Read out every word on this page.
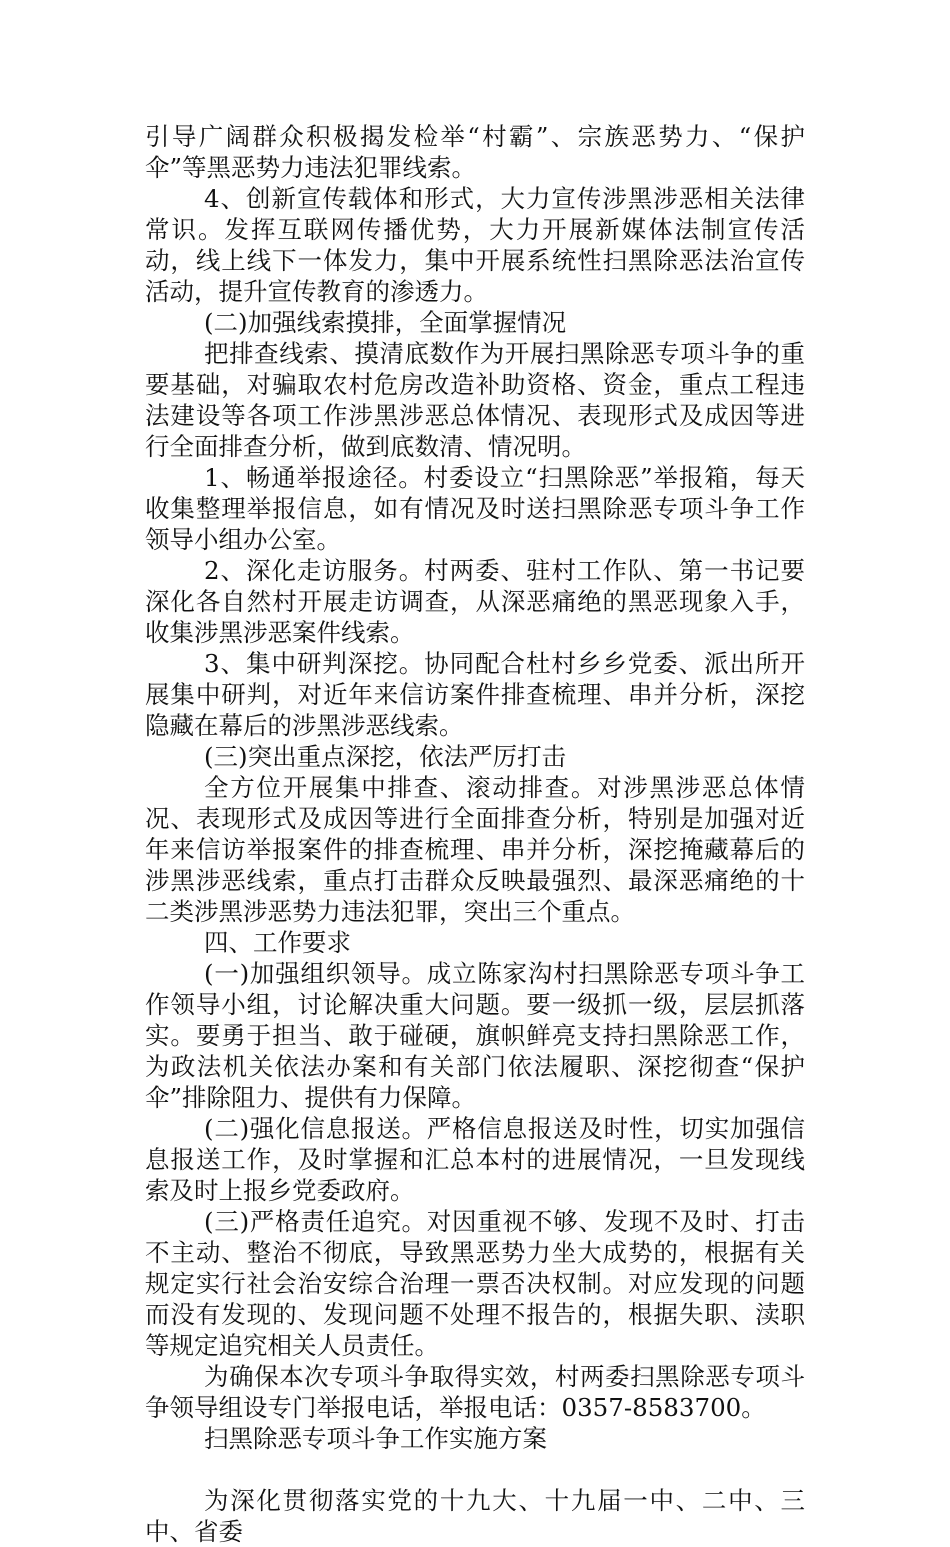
引导广阔群众积极揭发检举“村霸”、宗族恶势力、“保护伞”等黑恶势力违法犯罪线索。

4、创新宣传载体和形式，大力宣传涉黑涉恶相关法律常识。发挥互联网传播优势，大力开展新媒体法制宣传活动，线上线下一体发力，集中开展系统性扫黑除恶法治宣传活动，提升宣传教育的渗透力。

(二)加强线索摸排，全面掌握情况

把排查线索、摸清底数作为开展扫黑除恶专项斗争的重要基础，对骗取农村危房改造补助资格、资金，重点工程违法建设等各项工作涉黑涉恶总体情况、表现形式及成因等进行全面排查分析，做到底数清、情况明。

1、畅通举报途径。村委设立“扫黑除恶”举报箱，每天收集整理举报信息，如有情况及时送扫黑除恶专项斗争工作领导小组办公室。

2、深化走访服务。村两委、驻村工作队、第一书记要深化各自然村开展走访调查，从深恶痛绝的黑恶现象入手，收集涉黑涉恶案件线索。

3、集中研判深挖。协同配合杜村乡乡党委、派出所开展集中研判，对近年来信访案件排查梳理、串并分析，深挖隐藏在幕后的涉黑涉恶线索。

(三)突出重点深挖，依法严厉打击

全方位开展集中排查、滚动排查。对涉黑涉恶总体情况、表现形式及成因等进行全面排查分析，特别是加强对近年来信访举报案件的排查梳理、串并分析，深挖掩藏幕后的涉黑涉恶线索，重点打击群众反映最强烈、最深恶痛绝的十二类涉黑涉恶势力违法犯罪，突出三个重点。

四、工作要求

(一)加强组织领导。成立陈家沟村扫黑除恶专项斗争工作领导小组，讨论解决重大问题。要一级抓一级，层层抓落实。要勇于担当、敢于碰硬，旗帜鲜亮支持扫黑除恶工作，为政法机关依法办案和有关部门依法履职、深挖彻查“保护伞”排除阻力、提供有力保障。

(二)强化信息报送。严格信息报送及时性，切实加强信息报送工作，及时掌握和汇总本村的进展情况，一旦发现线索及时上报乡党委政府。

(三)严格责任追究。对因重视不够、发现不及时、打击不主动、整治不彻底，导致黑恶势力坐大成势的，根据有关规定实行社会治安综合治理一票否决权制。对应发现的问题而没有发现的、发现问题不处理不报告的，根据失职、渎职等规定追究相关人员责任。

为确保本次专项斗争取得实效，村两委扫黑除恶专项斗争领导组设专门举报电话，举报电话：0357-8583700。

扫黑除恶专项斗争工作实施方案

为深化贯彻落实党的十九大、十九届一中、二中、三中、省委
